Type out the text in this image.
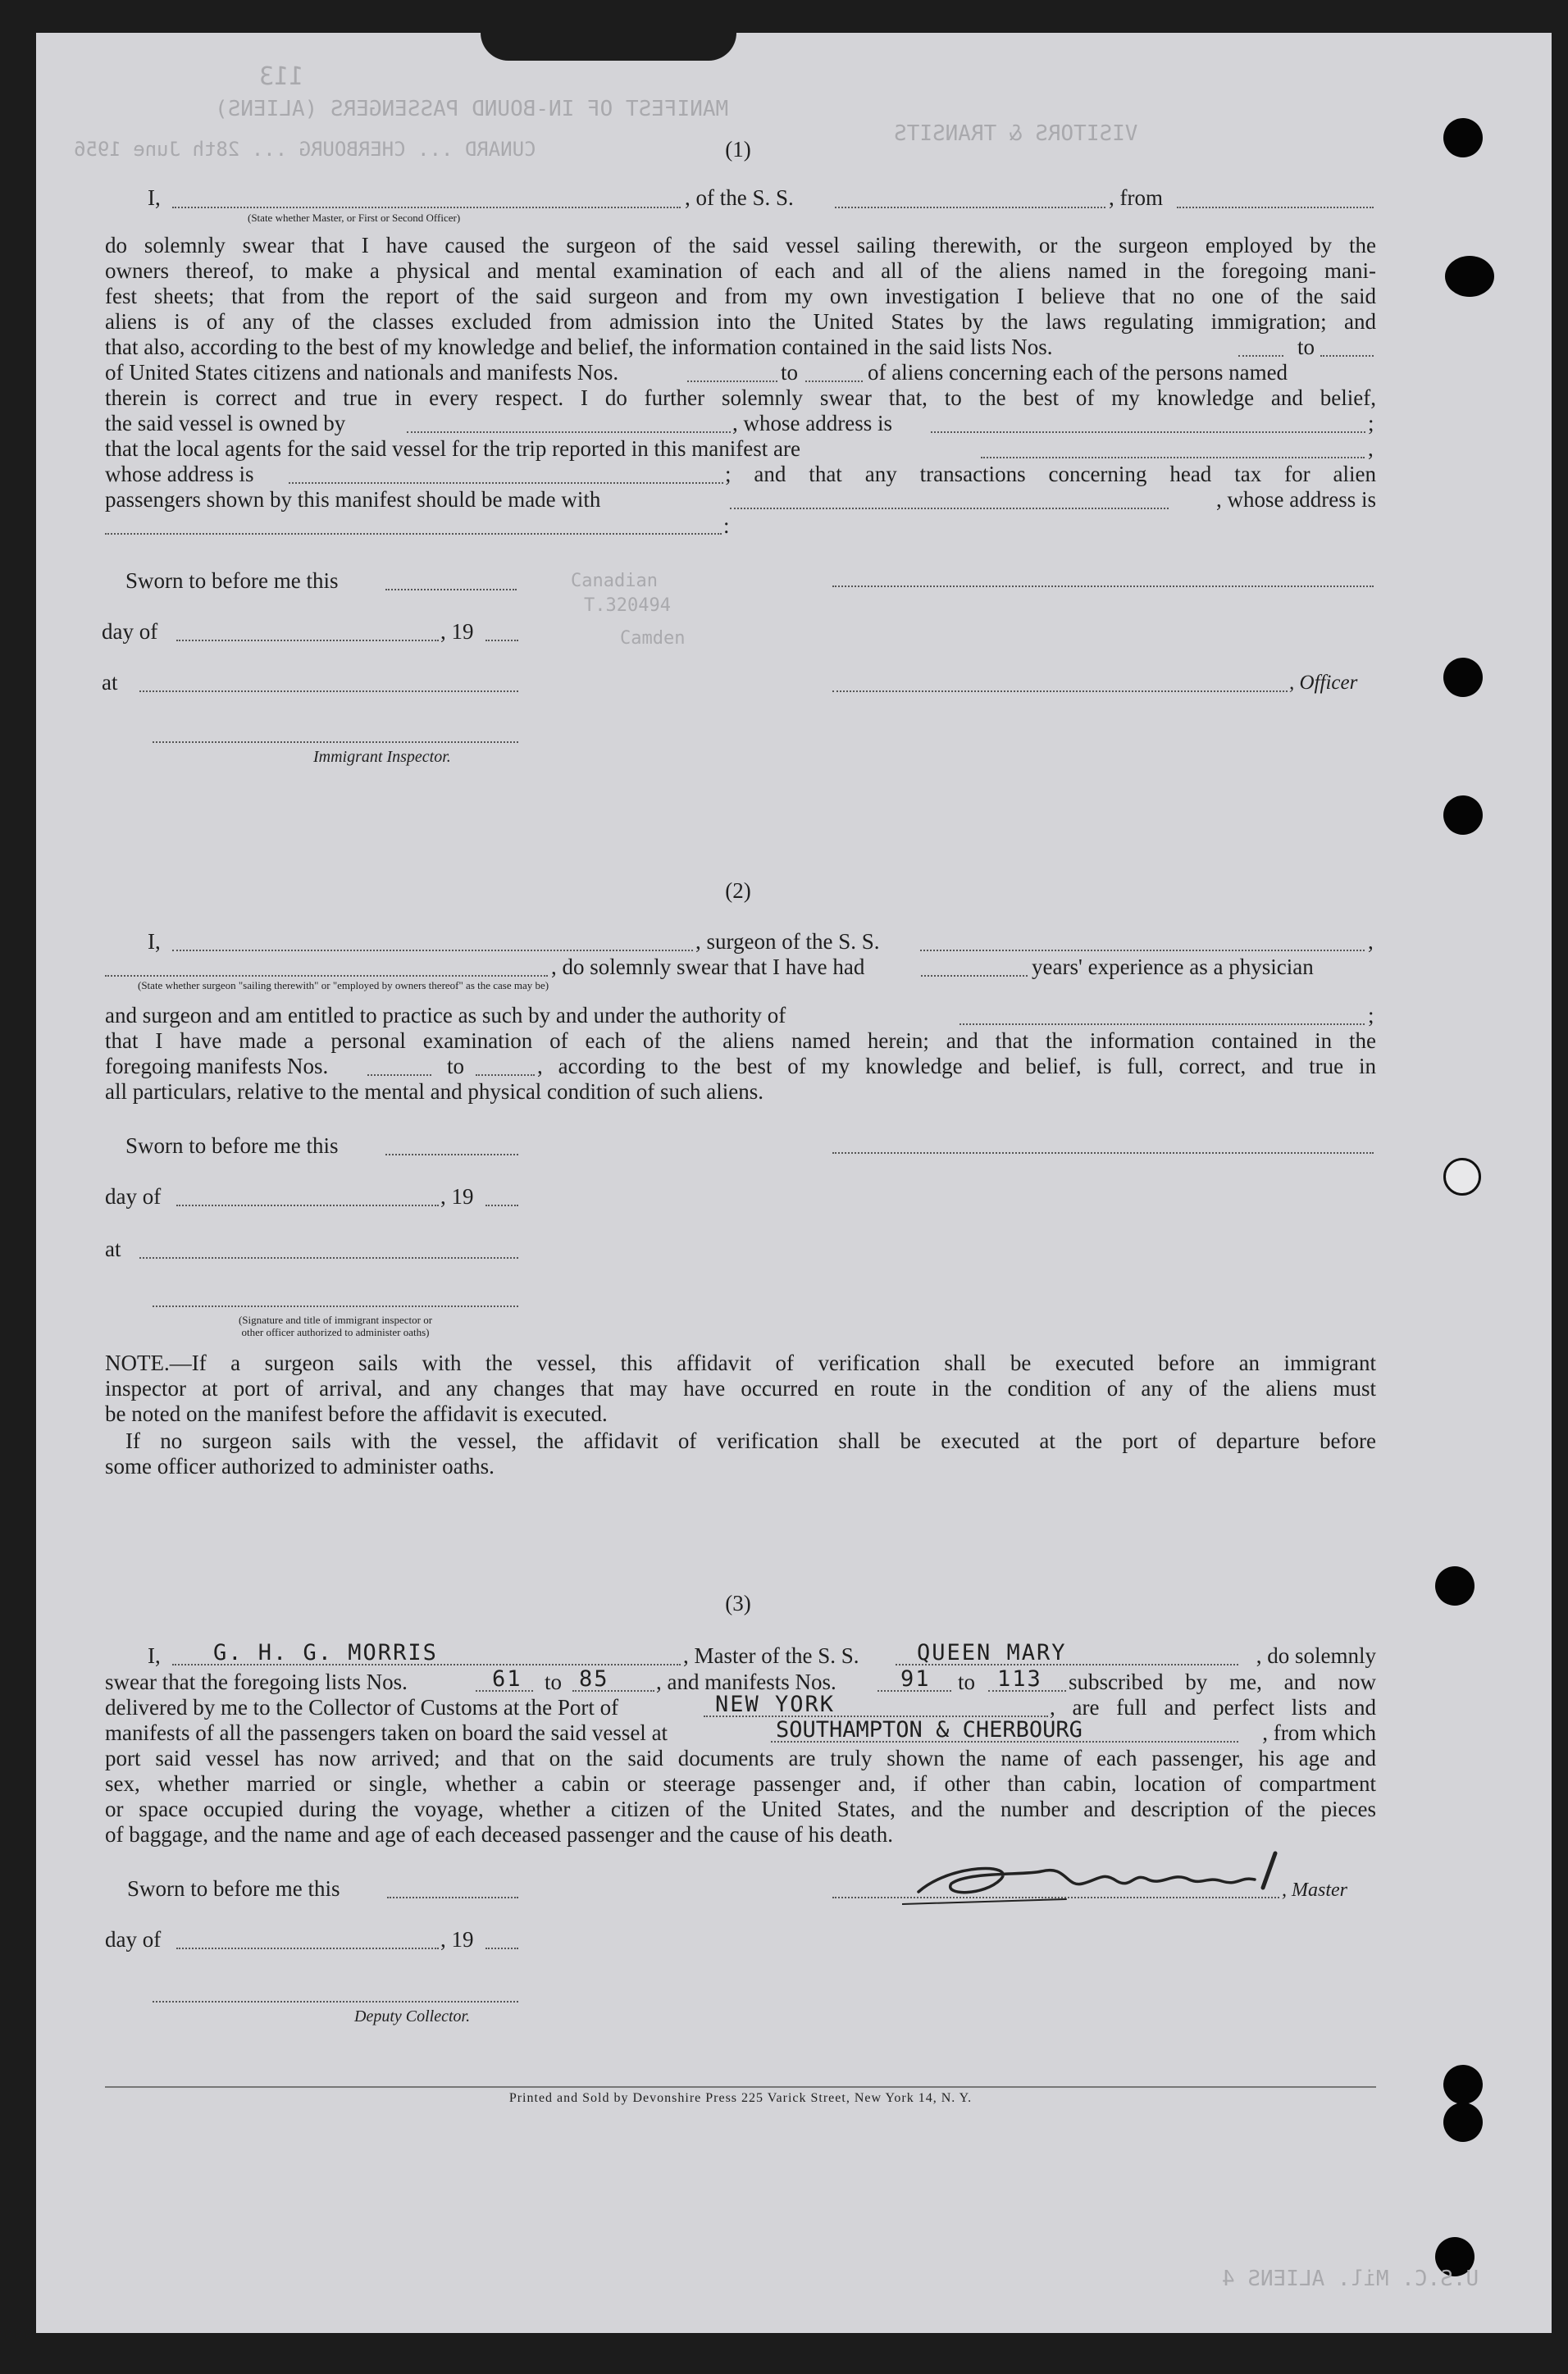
113
MANIFEST OF IN-BOUND PASSENGERS (ALIENS)
CUNARD ... CHERBOURG ... 28th June 1956
VISITORS & TRANSITS
Canadian
T.320494
Camden
U.S.C. Mil. ALIENS 4
(1)
I,	, of the S. S.	, from
(State whether Master, or First or Second Officer)
do solemnly swear that I have caused the surgeon of the said vessel sailing therewith, or the surgeon employed by the
owners thereof, to make a physical and mental examination of each and all of the aliens named in the foregoing mani-
fest sheets; that from the report of the said surgeon and from my own investigation I believe that no one of the said
aliens is of any of the classes excluded from admission into the United States by the laws regulating immigration; and
that also, according to the best of my knowledge and belief, the information contained in the said lists Nos.	to
of United States citizens and nationals and manifests Nos.	to	of aliens concerning each of the persons named
therein is correct and true in every respect. I do further solemnly swear that, to the best of my knowledge and belief,
the said vessel is owned by	, whose address is	;
that the local agents for the said vessel for the trip reported in this manifest are	,
whose address is	; and that any transactions concerning head tax for alien
passengers shown by this manifest should be made with	, whose address is
:
Sworn to before me this
day of	, 19
at	, Officer
Immigrant Inspector.
(2)
I,	, surgeon of the S. S.	,
, do solemnly swear that I have had	years' experience as a physician
(State whether surgeon "sailing therewith" or "employed by owners thereof" as the case may be)
and surgeon and am entitled to practice as such by and under the authority of	;
that I have made a personal examination of each of the aliens named herein; and that the information contained in the
foregoing manifests Nos.	to	, according to the best of my knowledge and belief, is full, correct, and true in
all particulars, relative to the mental and physical condition of such aliens.
Sworn to before me this
day of	, 19
at
(Signature and title of immigrant inspector or
other officer authorized to administer oaths)
NOTE.—If a surgeon sails with the vessel, this affidavit of verification shall be executed before an immigrant
inspector at port of arrival, and any changes that may have occurred en route in the condition of any of the aliens must
be noted on the manifest before the affidavit is executed.
If no surgeon sails with the vessel, the affidavit of verification shall be executed at the port of departure before
some officer authorized to administer oaths.
(3)
I, G. H. G. MORRIS	, Master of the S. S.	QUEEN MARY	, do solemnly
swear that the foregoing lists Nos.	61 to 85 , and manifests Nos.	91 to 113 subscribed by me, and now
delivered by me to the Collector of Customs at the Port of	NEW YORK	, are full and perfect lists and
manifests of all the passengers taken on board the said vessel at	SOUTHAMPTON & CHERBOURG	, from which
port said vessel has now arrived; and that on the said documents are truly shown the name of each passenger, his age and
sex, whether married or single, whether a cabin or steerage passenger and, if other than cabin, location of compartment
or space occupied during the voyage, whether a citizen of the United States, and the number and description of the pieces
of baggage, and the name and age of each deceased passenger and the cause of his death.
Sworn to before me this	, Master
day of	, 19
Deputy Collector.
Printed and Sold by Devonshire Press 225 Varick Street, New York 14, N. Y.
